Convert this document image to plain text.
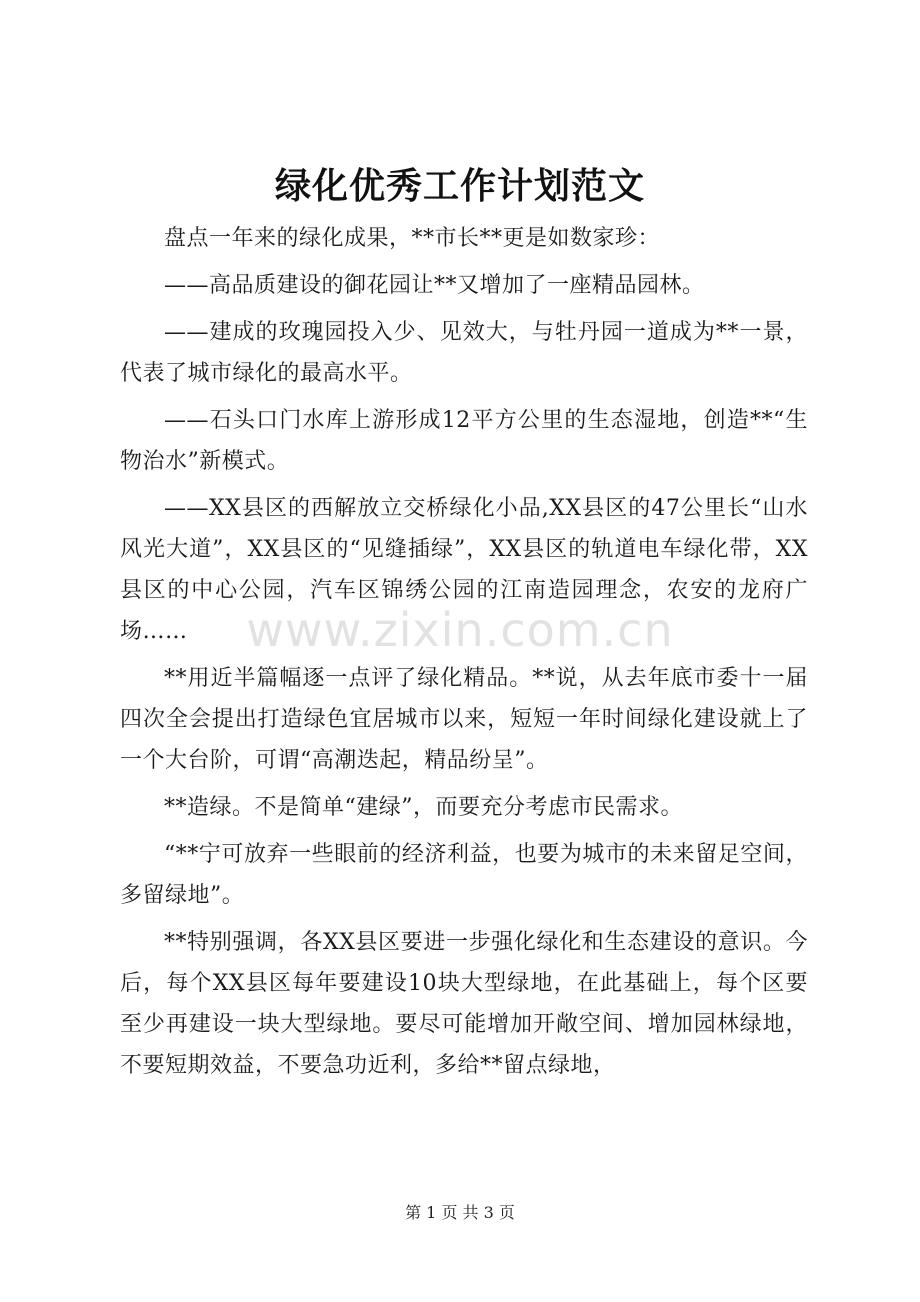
绿化优秀工作计划范文

盘点一年来的绿化成果，**市长**更是如数家珍：

——高品质建设的御花园让**又增加了一座精品园林。

——建成的玫瑰园投入少、见效大，与牡丹园一道成为**一景，代表了城市绿化的最高水平。

——石头口门水库上游形成12平方公里的生态湿地，创造**“生物治水”新模式。

——XX县区的西解放立交桥绿化小品,XX县区的47公里长“山水风光大道”，XX县区的“见缝插绿”，XX县区的轨道电车绿化带，XX县区的中心公园，汽车区锦绣公园的江南造园理念，农安的龙府广场……

**用近半篇幅逐一点评了绿化精品。**说，从去年底市委十一届四次全会提出打造绿色宜居城市以来，短短一年时间绿化建设就上了一个大台阶，可谓“高潮迭起，精品纷呈”。

**造绿。不是简单“建绿”，而要充分考虑市民需求。

“**宁可放弃一些眼前的经济利益，也要为城市的未来留足空间，多留绿地”。

**特别强调，各XX县区要进一步强化绿化和生态建设的意识。今后，每个XX县区每年要建设10块大型绿地，在此基础上，每个区要至少再建设一块大型绿地。要尽可能增加开敞空间、增加园林绿地，不要短期效益，不要急功近利，多给**留点绿地，

www.zixin.com.cn
第 1 页 共 3 页
